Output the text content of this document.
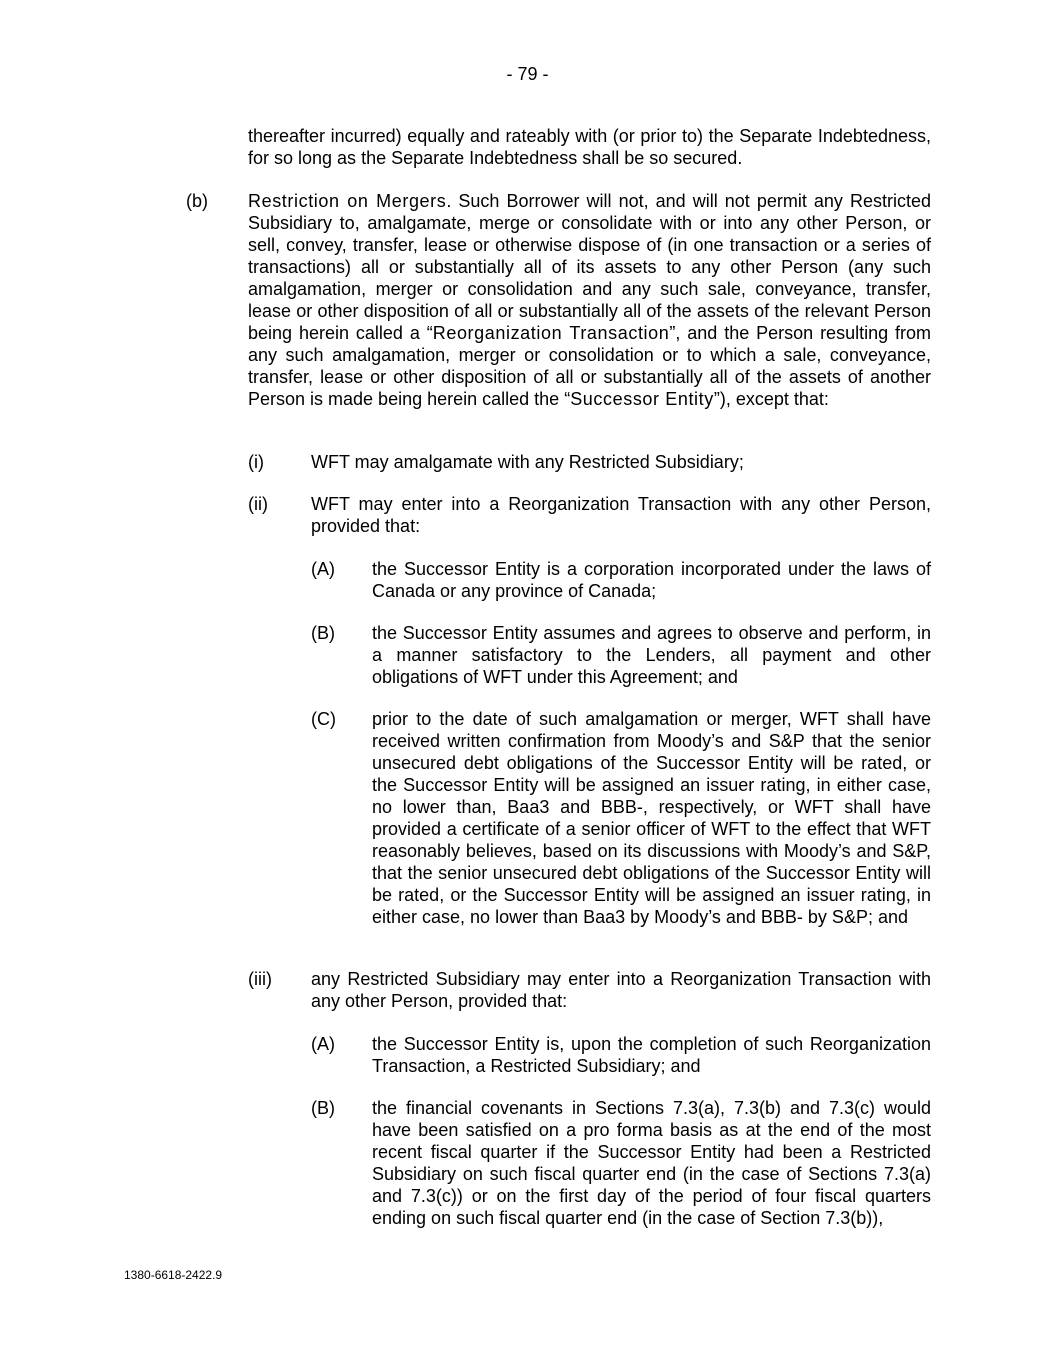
- 79 -
thereafter incurred) equally and rateably with (or prior to) the Separate Indebtedness, for so long as the Separate Indebtedness shall be so secured.
(b) Restriction on Mergers. Such Borrower will not, and will not permit any Restricted Subsidiary to, amalgamate, merge or consolidate with or into any other Person, or sell, convey, transfer, lease or otherwise dispose of (in one transaction or a series of transactions) all or substantially all of its assets to any other Person (any such amalgamation, merger or consolidation and any such sale, conveyance, transfer, lease or other disposition of all or substantially all of the assets of the relevant Person being herein called a “Reorganization Transaction”, and the Person resulting from any such amalgamation, merger or consolidation or to which a sale, conveyance, transfer, lease or other disposition of all or substantially all of the assets of another Person is made being herein called the “Successor Entity”), except that:
(i)	WFT may amalgamate with any Restricted Subsidiary;
(ii) WFT may enter into a Reorganization Transaction with any other Person, provided that:
(A) the Successor Entity is a corporation incorporated under the laws of Canada or any province of Canada;
(B) the Successor Entity assumes and agrees to observe and perform, in a manner satisfactory to the Lenders, all payment and other obligations of WFT under this Agreement; and
(C) prior to the date of such amalgamation or merger, WFT shall have received written confirmation from Moody’s and S&P that the senior unsecured debt obligations of the Successor Entity will be rated, or the Successor Entity will be assigned an issuer rating, in either case, no lower than, Baa3 and BBB-, respectively, or WFT shall have provided a certificate of a senior officer of WFT to the effect that WFT reasonably believes, based on its discussions with Moody’s and S&P, that the senior unsecured debt obligations of the Successor Entity will be rated, or the Successor Entity will be assigned an issuer rating, in either case, no lower than Baa3 by Moody’s and BBB- by S&P; and
(iii) any Restricted Subsidiary may enter into a Reorganization Transaction with any other Person, provided that:
(A) the Successor Entity is, upon the completion of such Reorganization Transaction, a Restricted Subsidiary; and
(B) the financial covenants in Sections 7.3(a), 7.3(b) and 7.3(c) would have been satisfied on a pro forma basis as at the end of the most recent fiscal quarter if the Successor Entity had been a Restricted Subsidiary on such fiscal quarter end (in the case of Sections 7.3(a) and 7.3(c)) or on the first day of the period of four fiscal quarters ending on such fiscal quarter end (in the case of Section 7.3(b)),
1380-6618-2422.9
